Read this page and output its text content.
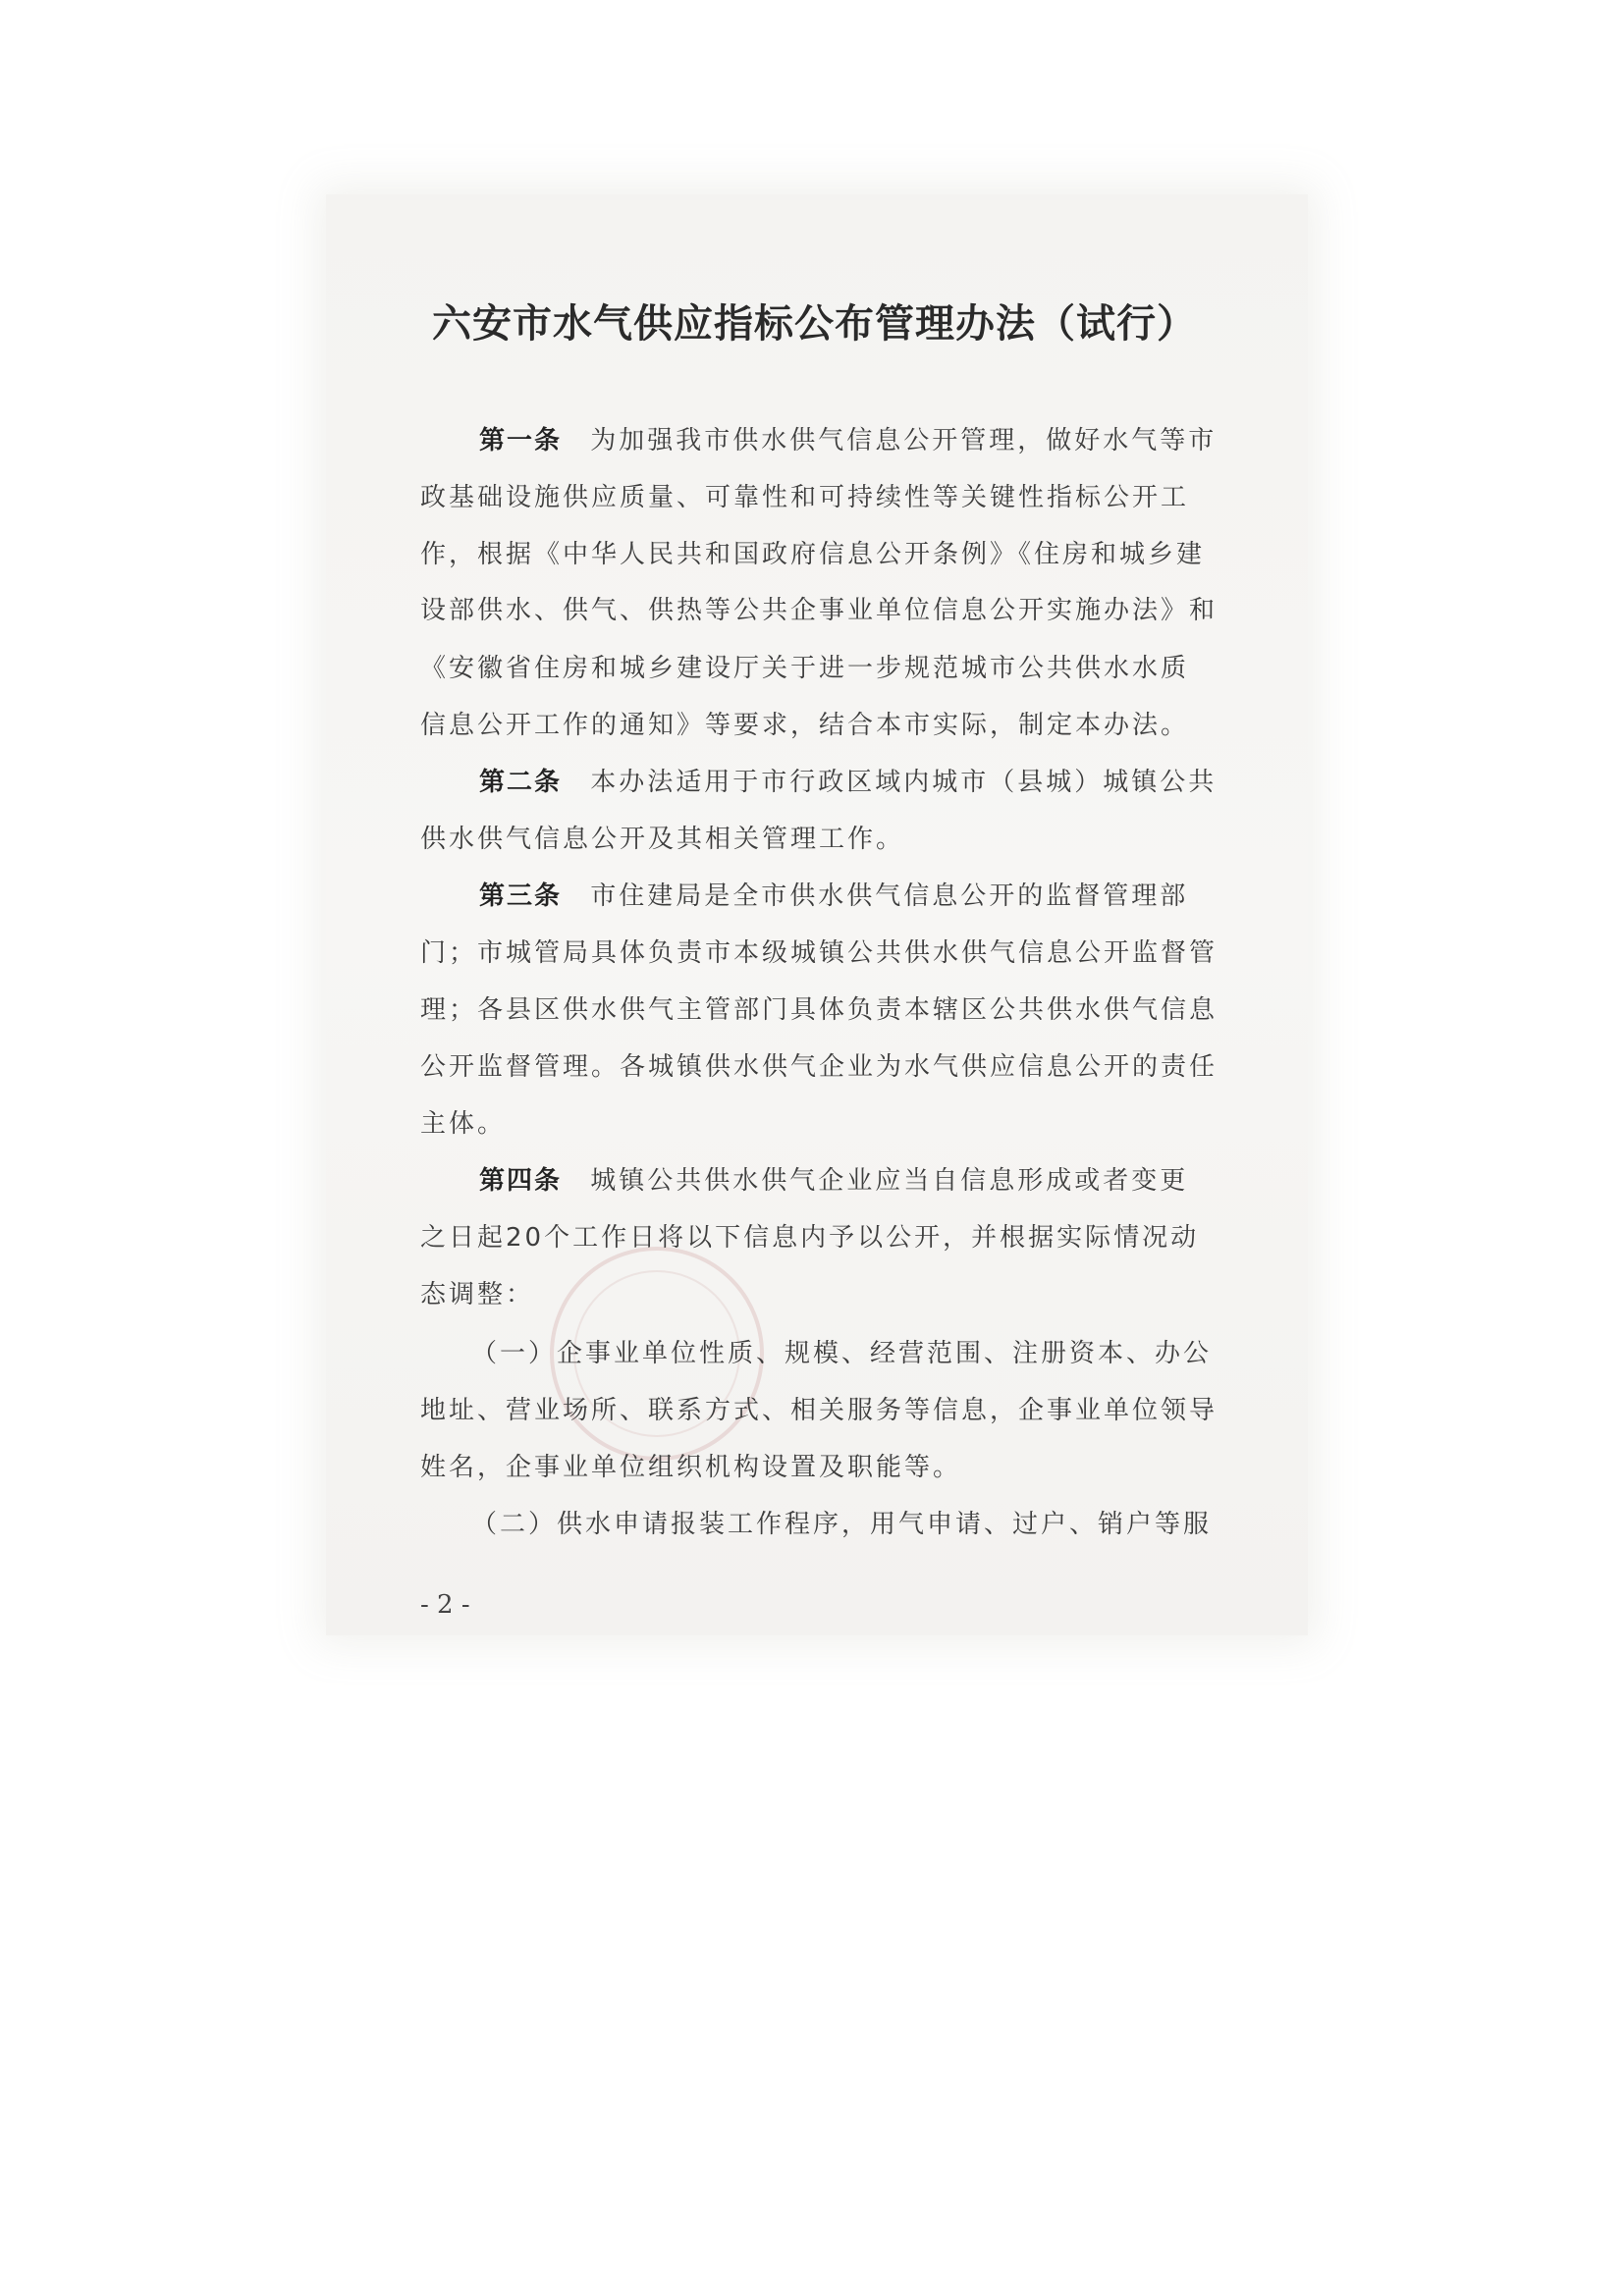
六安市水气供应指标公布管理办法（试行）
第一条 为加强我市供水供气信息公开管理，做好水气等市
政基础设施供应质量、可靠性和可持续性等关键性指标公开工
作，根据《中华人民共和国政府信息公开条例》《住房和城乡建
设部供水、供气、供热等公共企事业单位信息公开实施办法》和
《安徽省住房和城乡建设厅关于进一步规范城市公共供水水质
信息公开工作的通知》等要求，结合本市实际，制定本办法。
第二条 本办法适用于市行政区域内城市（县城）城镇公共
供水供气信息公开及其相关管理工作。
第三条 市住建局是全市供水供气信息公开的监督管理部
门；市城管局具体负责市本级城镇公共供水供气信息公开监督管
理；各县区供水供气主管部门具体负责本辖区公共供水供气信息
公开监督管理。各城镇供水供气企业为水气供应信息公开的责任
主体。
第四条 城镇公共供水供气企业应当自信息形成或者变更
之日起20个工作日将以下信息内予以公开，并根据实际情况动
态调整：
（一）企事业单位性质、规模、经营范围、注册资本、办公
地址、营业场所、联系方式、相关服务等信息，企事业单位领导
姓名，企事业单位组织机构设置及职能等。
（二）供水申请报装工作程序，用气申请、过户、销户等服
- 2 -
